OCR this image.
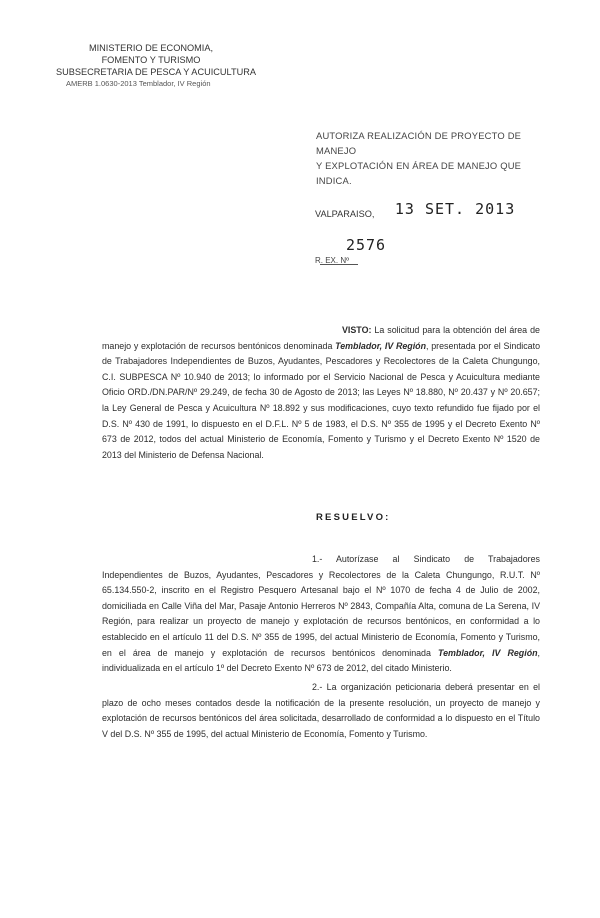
MINISTERIO DE ECONOMIA,
FOMENTO Y TURISMO
SUBSECRETARIA DE PESCA Y ACUICULTURA
AMERB 1.0630-2013 Temblador, IV Región
AUTORIZA REALIZACIÓN DE PROYECTO DE MANEJO
Y EXPLOTACIÓN EN ÁREA DE MANEJO QUE INDICA.
VALPARAISO, 13 SET. 2013
R. EX. Nº  2576
VISTO: La solicitud para la obtención del área de manejo y explotación de recursos bentónicos denominada Temblador, IV Región, presentada por el Sindicato de Trabajadores Independientes de Buzos, Ayudantes, Pescadores y Recolectores de la Caleta Chungungo, C.I. SUBPESCA Nº 10.940 de 2013; lo informado por el Servicio Nacional de Pesca y Acuicultura mediante Oficio ORD./DN.PAR/Nº 29.249, de fecha 30 de Agosto de 2013; las Leyes Nº 18.880, Nº 20.437 y Nº 20.657; la Ley General de Pesca y Acuicultura Nº 18.892 y sus modificaciones, cuyo texto refundido fue fijado por el D.S. Nº 430 de 1991, lo dispuesto en el D.F.L. Nº 5 de 1983, el D.S. Nº 355 de 1995 y el Decreto Exento Nº 673 de 2012, todos del actual Ministerio de Economía, Fomento y Turismo y el Decreto Exento Nº 1520 de 2013 del Ministerio de Defensa Nacional.
RESUELVO:
1.- Autorízase al Sindicato de Trabajadores Independientes de Buzos, Ayudantes, Pescadores y Recolectores de la Caleta Chungungo, R.U.T. Nº 65.134.550-2, inscrito en el Registro Pesquero Artesanal bajo el Nº 1070 de fecha 4 de Julio de 2002, domiciliada en Calle Viña del Mar, Pasaje Antonio Herreros Nº 2843, Compañía Alta, comuna de La Serena, IV Región, para realizar un proyecto de manejo y explotación de recursos bentónicos, en conformidad a lo establecido en el artículo 11 del D.S. Nº 355 de 1995, del actual Ministerio de Economía, Fomento y Turismo, en el área de manejo y explotación de recursos bentónicos denominada Temblador, IV Región, individualizada en el artículo 1º del Decreto Exento Nº 673 de 2012, del citado Ministerio.
2.- La organización peticionaria deberá presentar en el plazo de ocho meses contados desde la notificación de la presente resolución, un proyecto de manejo y explotación de recursos bentónicos del área solicitada, desarrollado de conformidad a lo dispuesto en el Título V del D.S. Nº 355 de 1995, del actual Ministerio de Economía, Fomento y Turismo.
